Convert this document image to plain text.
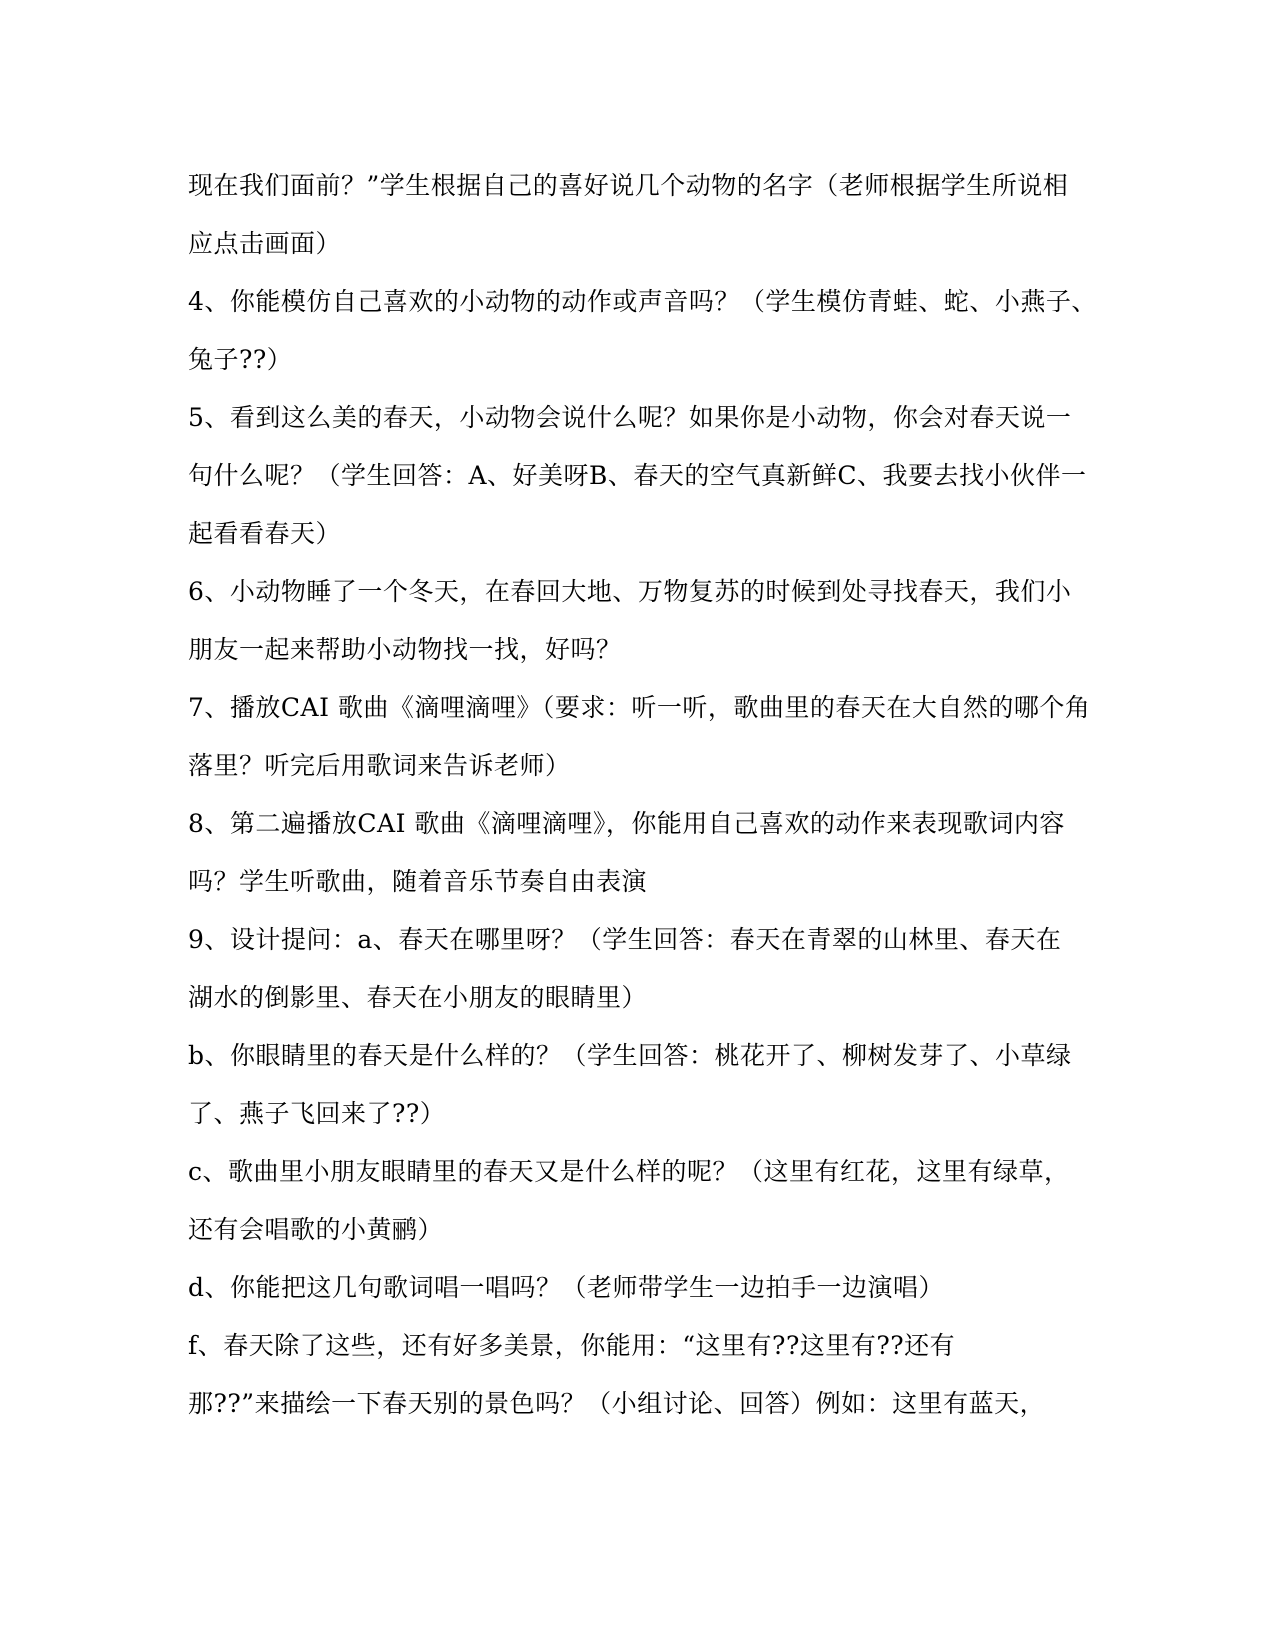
现在我们面前？”学生根据自己的喜好说几个动物的名字（老师根据学生所说相
应点击画面）
4、你能模仿自己喜欢的小动物的动作或声音吗？（学生模仿青蛙、蛇、小燕子、
兔子??）
5、看到这么美的春天，小动物会说什么呢？如果你是小动物，你会对春天说一
句什么呢？（学生回答：A、好美呀B、春天的空气真新鲜C、我要去找小伙伴一
起看看春天）
6、小动物睡了一个冬天，在春回大地、万物复苏的时候到处寻找春天，我们小
朋友一起来帮助小动物找一找，好吗？
7、播放CAI 歌曲《滴哩滴哩》（要求：听一听，歌曲里的春天在大自然的哪个角
落里？听完后用歌词来告诉老师）
8、第二遍播放CAI 歌曲《滴哩滴哩》，你能用自己喜欢的动作来表现歌词内容
吗？学生听歌曲，随着音乐节奏自由表演
9、设计提问：a、春天在哪里呀？（学生回答：春天在青翠的山林里、春天在
湖水的倒影里、春天在小朋友的眼睛里）
b、你眼睛里的春天是什么样的？（学生回答：桃花开了、柳树发芽了、小草绿
了、燕子飞回来了??）
c、歌曲里小朋友眼睛里的春天又是什么样的呢？（这里有红花，这里有绿草，
还有会唱歌的小黄鹂）
d、你能把这几句歌词唱一唱吗？（老师带学生一边拍手一边演唱）
f、春天除了这些，还有好多美景，你能用：“这里有??这里有??还有
那??”来描绘一下春天别的景色吗？（小组讨论、回答）例如：这里有蓝天，
